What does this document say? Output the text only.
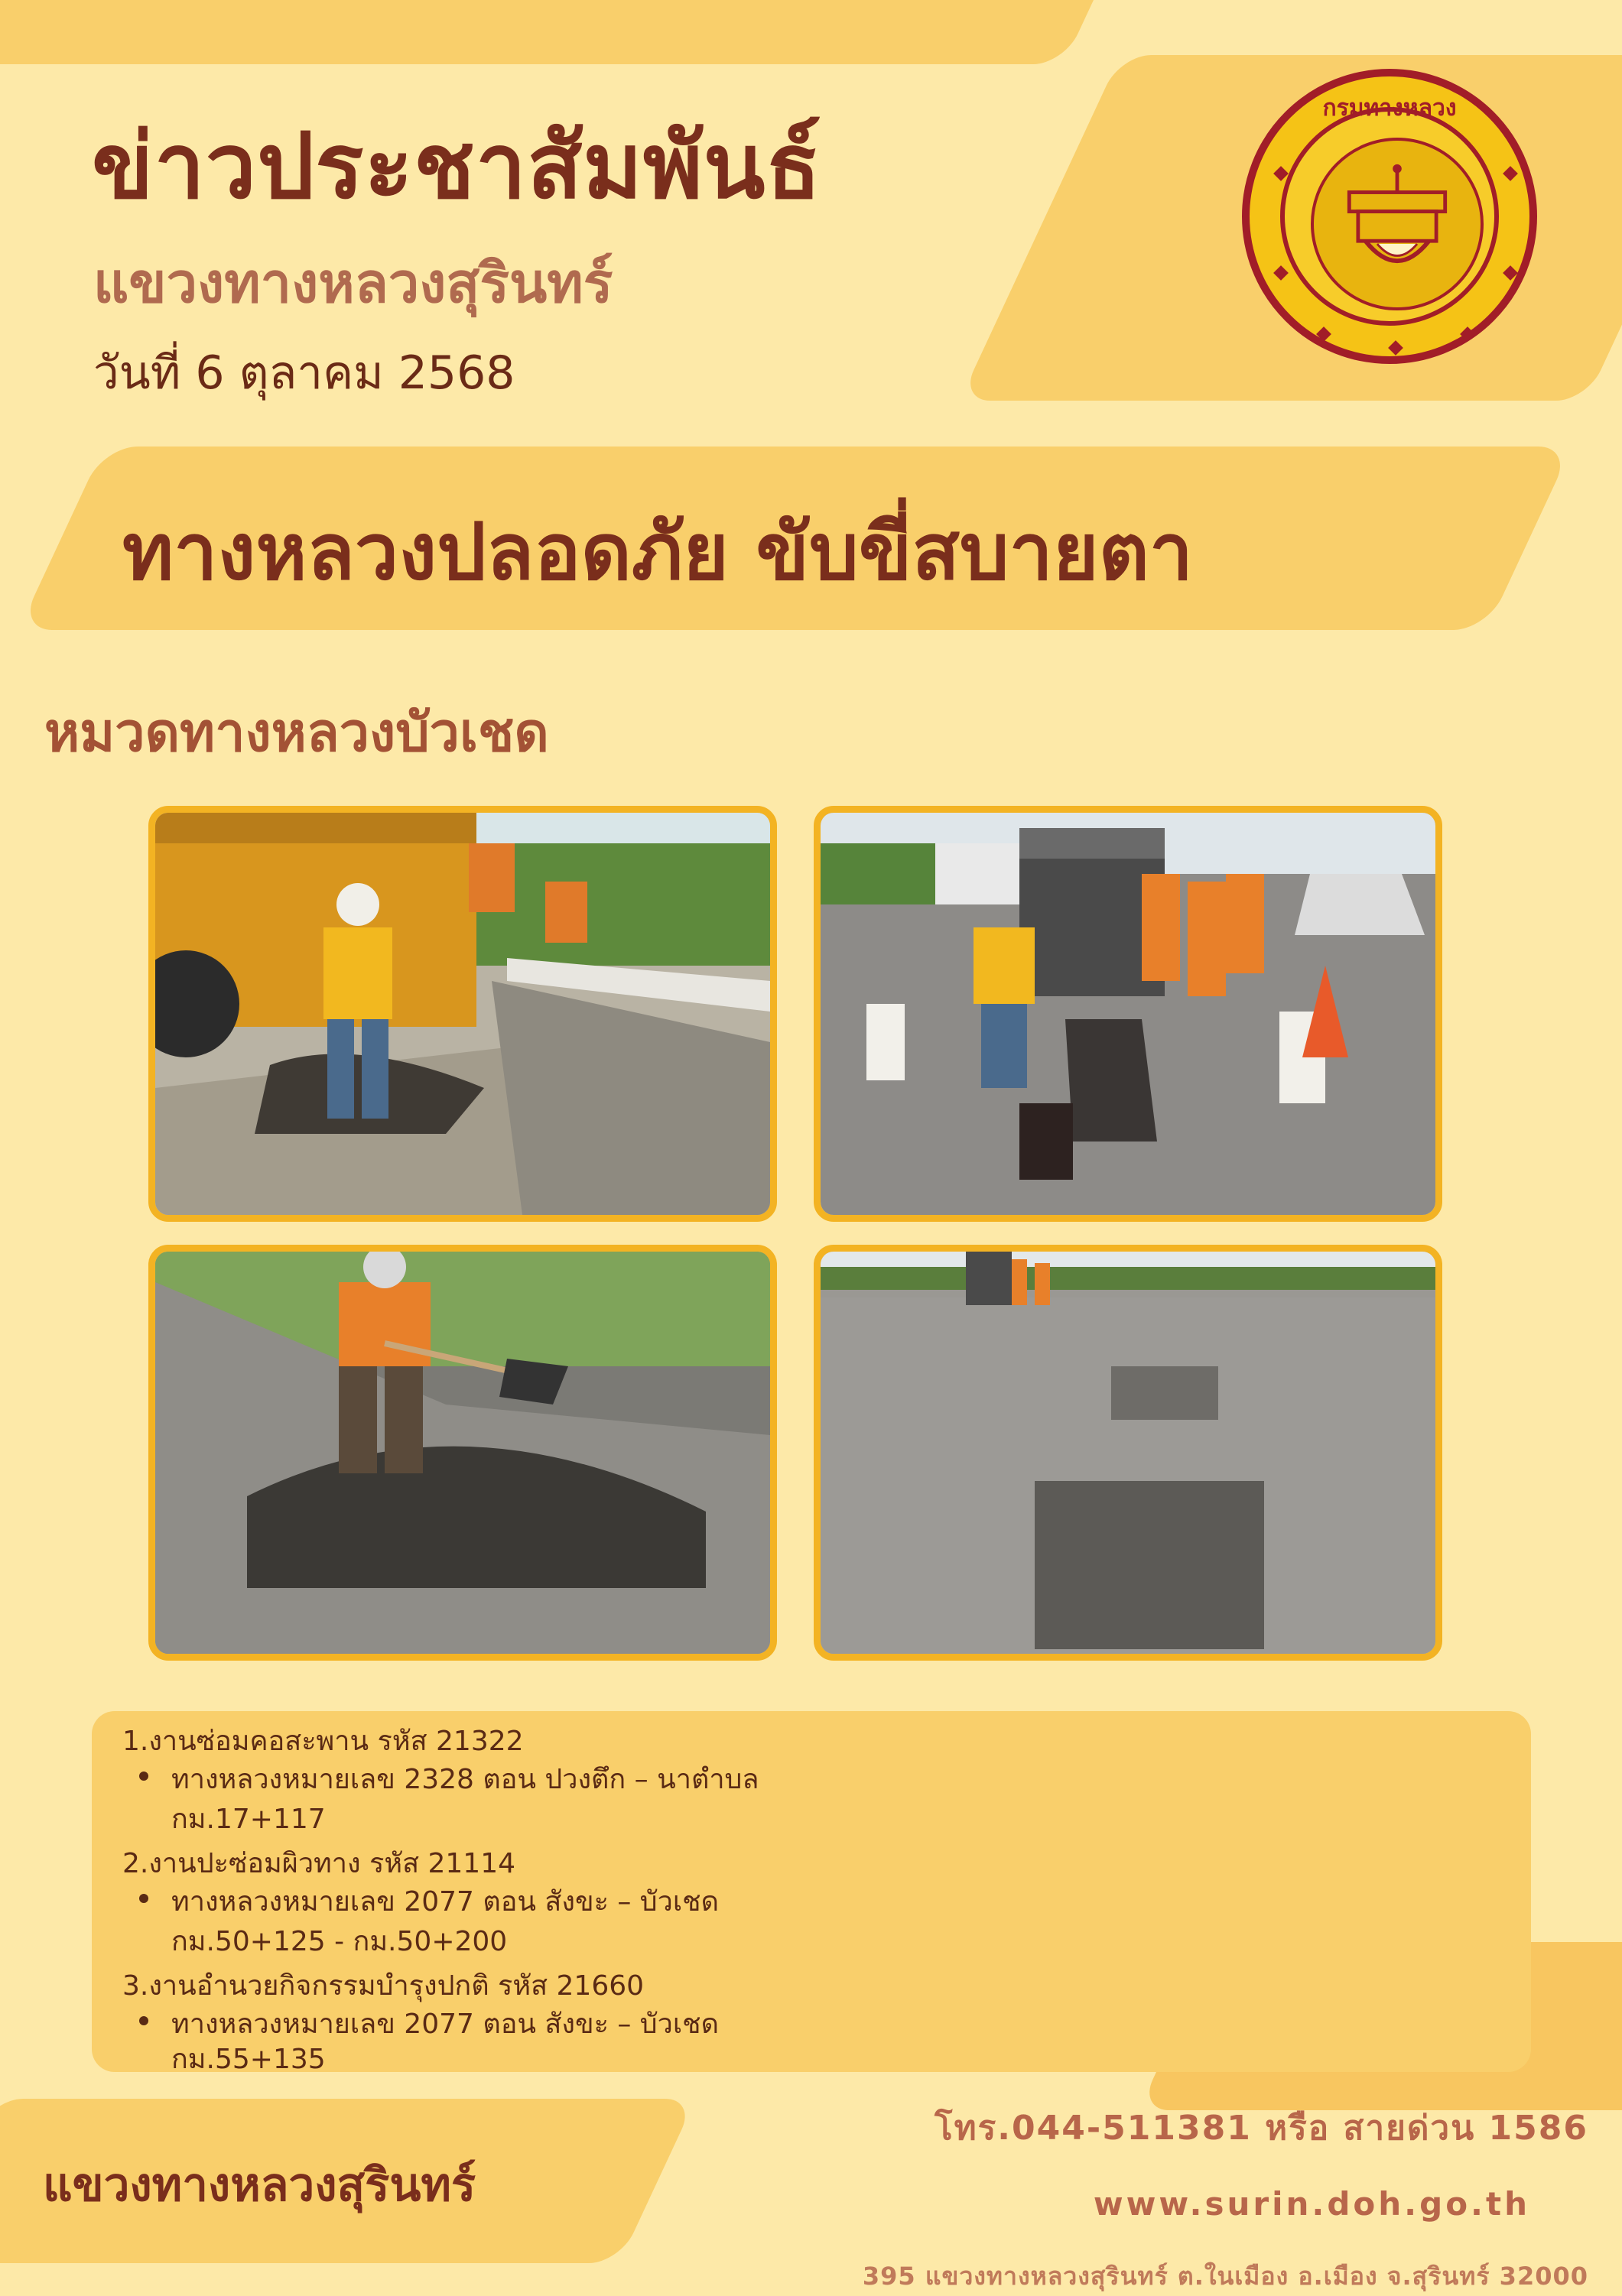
ข่าวประชาสัมพันธ์
แขวงทางหลวงสุรินทร์
วันที่ 6 ตุลาคม 2568
กรมทางหลวง
ทางหลวงปลอดภัย ขับขี่สบายตา
หมวดทางหลวงบัวเชด
1.งานซ่อมคอสะพาน รหัส 21322
ทางหลวงหมายเลข 2328 ตอน ปวงตึก – นาตำบล
กม.17+117
2.งานปะซ่อมผิวทาง รหัส 21114
ทางหลวงหมายเลข 2077 ตอน สังขะ – บัวเชด
กม.50+125 - กม.50+200
3.งานอำนวยกิจกรรมบำรุงปกติ รหัส 21660
ทางหลวงหมายเลข 2077 ตอน สังขะ – บัวเชด
กม.55+135
แขวงทางหลวงสุรินทร์
โทร.044-511381 หรือ สายด่วน 1586
www.surin.doh.go.th
395 แขวงทางหลวงสุรินทร์ ต.ในเมือง อ.เมือง จ.สุรินทร์ 32000
